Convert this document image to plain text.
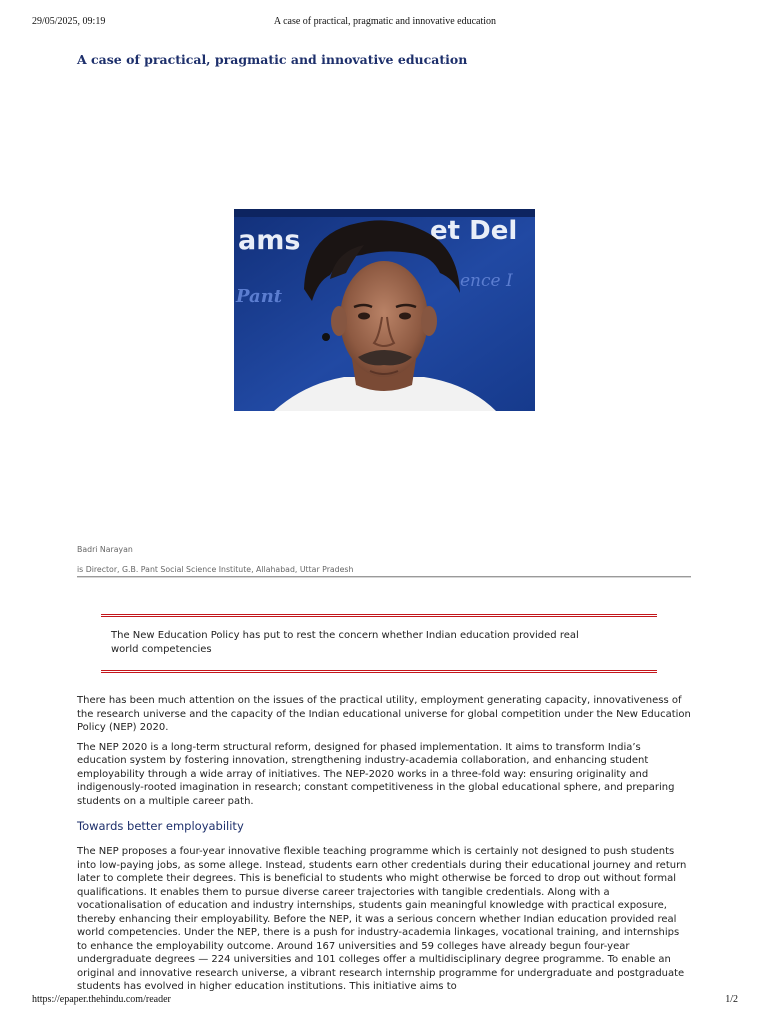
29/05/2025, 09:19	A case of practical, pragmatic and innovative education
A case of practical, pragmatic and innovative education
ams	et Del
Pant
ence I
Badri Narayan
is Director, G.B. Pant Social Science Institute, Allahabad, Uttar Pradesh

The New Education Policy has put to rest the concern whether Indian education provided real world competencies

There has been much attention on the issues of the practical utility, employment generating capacity, innovativeness of the research universe and the capacity of the Indian educational universe for global competition under the New Education Policy (NEP) 2020.

The NEP 2020 is a long-term structural reform, designed for phased implementation. It aims to transform India’s education system by fostering innovation, strengthening industry-academia collaboration, and enhancing student employability through a wide array of initiatives. The NEP-2020 works in a three-fold way: ensuring originality and indigenously-rooted imagination in research; constant competitiveness in the global educational sphere, and preparing students on a multiple career path.

Towards better employability

The NEP proposes a four-year innovative flexible teaching programme which is certainly not designed to push students into low-paying jobs, as some allege. Instead, students earn other credentials during their educational journey and return later to complete their degrees. This is beneficial to students who might otherwise be forced to drop out without formal qualifications. It enables them to pursue diverse career trajectories with tangible credentials. Along with a vocationalisation of education and industry internships, students gain meaningful knowledge with practical exposure, thereby enhancing their employability. Before the NEP, it was a serious concern whether Indian education provided real world competencies. Under the NEP, there is a push for industry-academia linkages, vocational training, and internships to enhance the employability outcome. Around 167 universities and 59 colleges have already begun four-year undergraduate degrees — 224 universities and 101 colleges offer a multidisciplinary degree programme. To enable an original and innovative research universe, a vibrant research internship programme for undergraduate and postgraduate students has evolved in higher education institutions. This initiative aims to

https://epaper.thehindu.com/reader	1/2
